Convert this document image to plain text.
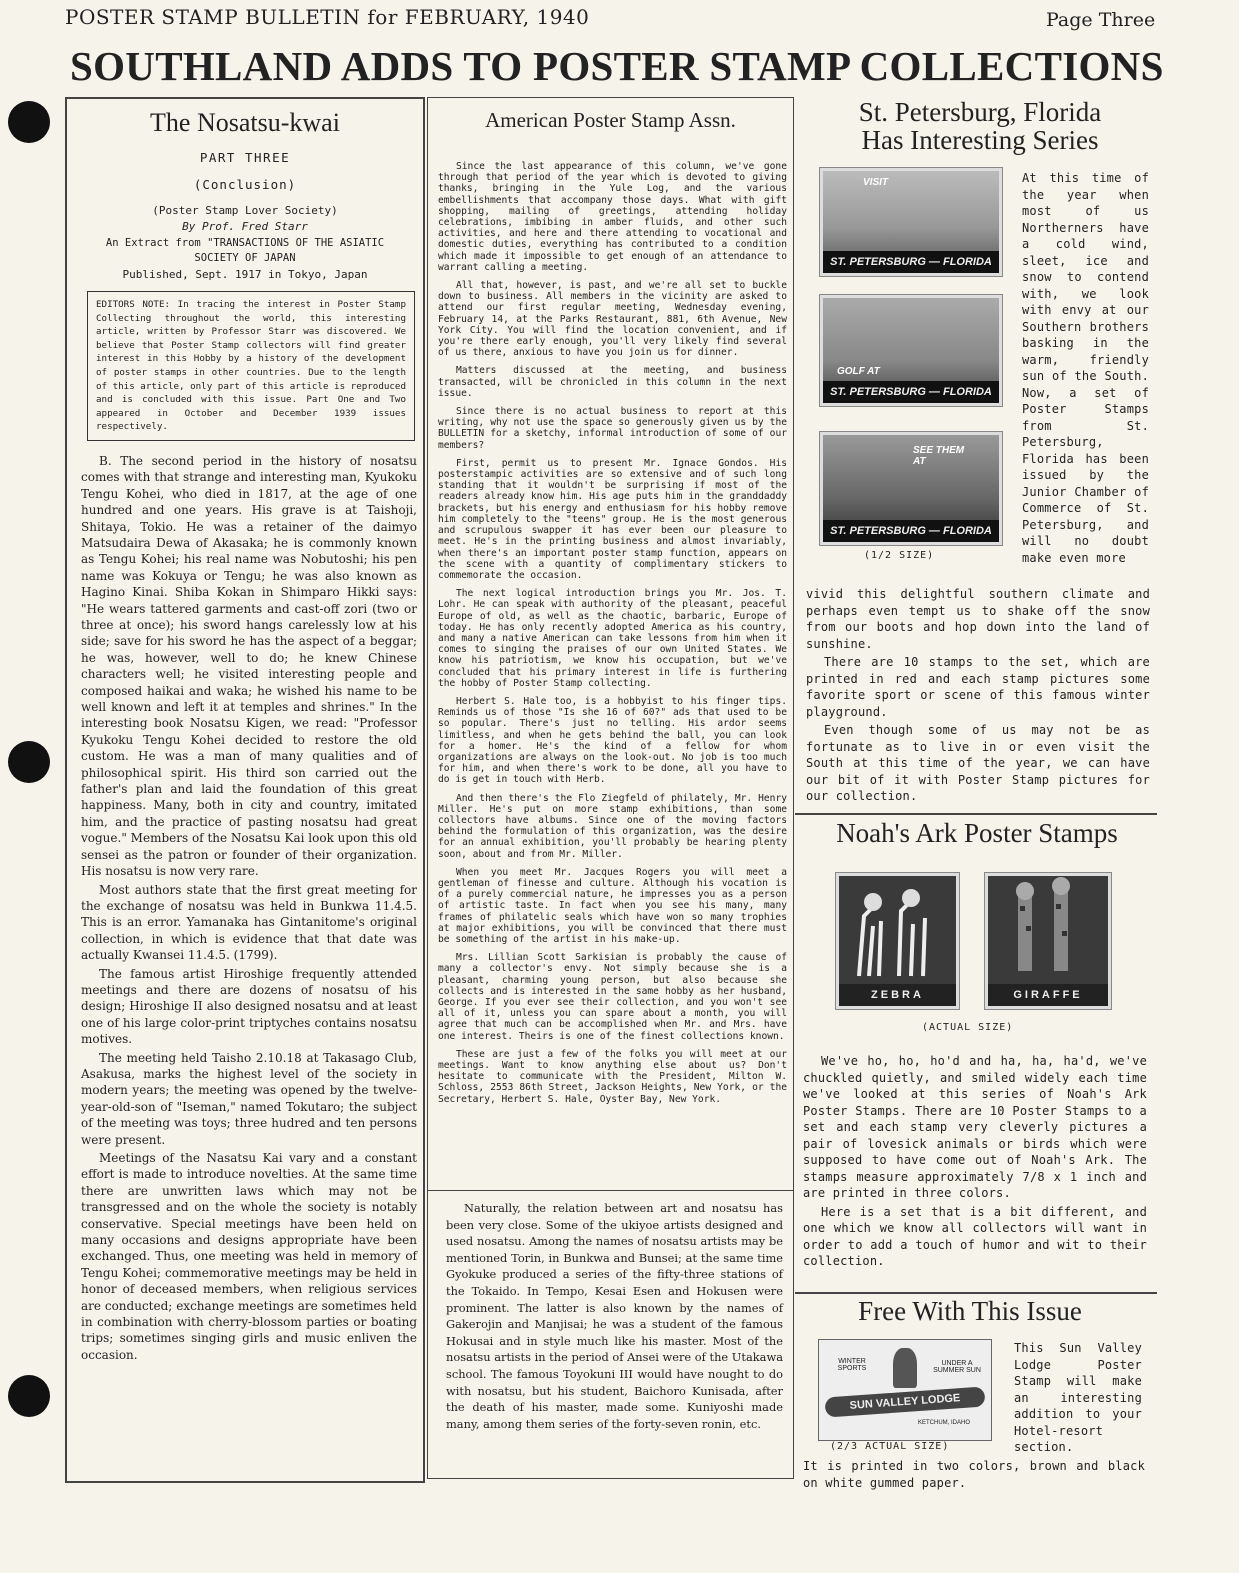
POSTER STAMP BULLETIN for FEBRUARY, 1940	Page Three
SOUTHLAND ADDS TO POSTER STAMP COLLECTIONS
The Nosatsu-kwai
PART THREE
(Conclusion)
(Poster Stamp Lover Society)
By Prof. Fred Starr
An Extract from "TRANSACTIONS OF THE ASIATIC SOCIETY OF JAPAN
Published, Sept. 1917 in Tokyo, Japan
EDITORS NOTE: In tracing the interest in Poster Stamp Collecting throughout the world, this interesting article, written by Professor Starr was discovered. We believe that Poster Stamp collectors will find greater interest in this Hobby by a history of the development of poster stamps in other countries. Due to the length of this article, only part of this article is reproduced and is concluded with this issue. Part One and Two appeared in October and December 1939 issues respectively.

B. The second period in the history of nosatsu comes with that strange and interesting man, Kyukoku Tengu Kohei, who died in 1817, at the age of one hundred and one years. His grave is at Taishoji, Shitaya, Tokio. He was a retainer of the daimyo Matsudaira Dewa of Akasaka; he is commonly known as Tengu Kohei; his real name was Nobutoshi; his pen name was Kokuya or Tengu; he was also known as Hagino Kinai. Shiba Kokan in Shimparo Hikki says: "He wears tattered garments and cast-off zori (two or three at once); his sword hangs carelessly low at his side; save for his sword he has the aspect of a beggar; he was, however, well to do; he knew Chinese characters well; he visited interesting people and composed haikai and waka; he wished his name to be well known and left it at temples and shrines." In the interesting book Nosatsu Kigen, we read: "Professor Kyukoku Tengu Kohei decided to restore the old custom. He was a man of many qualities and of philosophical spirit. His third son carried out the father's plan and laid the foundation of this great happiness. Many, both in city and country, imitated him, and the practice of pasting nosatsu had great vogue." Members of the Nosatsu Kai look upon this old sensei as the patron or founder of their organization. His nosatsu is now very rare.

Most authors state that the first great meeting for the exchange of nosatsu was held in Bunkwa 11.4.5. This is an error. Yamanaka has Gintanitome's original collection, in which is evidence that that date was actually Kwansei 11.4.5. (1799).

The famous artist Hiroshige frequently attended meetings and there are dozens of nosatsu of his design; Hiroshige II also designed nosatsu and at least one of his large color-print triptyches contains nosatsu motives.

The meeting held Taisho 2.10.18 at Takasago Club, Asakusa, marks the highest level of the society in modern years; the meeting was opened by the twelve-year-old-son of "Iseman," named Tokutaro; the subject of the meeting was toys; three hudred and ten persons were present.

Meetings of the Nasatsu Kai vary and a constant effort is made to introduce novelties. At the same time there are unwritten laws which may not be transgressed and on the whole the society is notably conservative. Special meetings have been held on many occasions and designs appropriate have been exchanged. Thus, one meeting was held in memory of Tengu Kohei; commemorative meetings may be held in honor of deceased members, when religious services are conducted; exchange meetings are sometimes held in combination with cherry-blossom parties or boating trips; sometimes singing girls and music enliven the occasion.

American Poster Stamp Assn.

Since the last appearance of this column, we've gone through that period of the year which is devoted to giving thanks, bringing in the Yule Log, and the various embellishments that accompany those days. What with gift shopping, mailing of greetings, attending holiday celebrations, imbibing in amber fluids, and other such activities, and here and there attending to vocational and domestic duties, everything has contributed to a condition which made it impossible to get enough of an attendance to warrant calling a meeting.

All that, however, is past, and we're all set to buckle down to business. All members in the vicinity are asked to attend our first regular meeting, Wednesday evening, February 14, at the Parks Restaurant, 881, 6th Avenue, New York City. You will find the location convenient, and if you're there early enough, you'll very likely find several of us there, anxious to have you join us for dinner.

Matters discussed at the meeting, and business transacted, will be chronicled in this column in the next issue.

Since there is no actual business to report at this writing, why not use the space so generously given us by the BULLETIN for a sketchy, informal introduction of some of our members?

First, permit us to present Mr. Ignace Gondos. His posterstampic activities are so extensive and of such long standing that it wouldn't be surprising if most of the readers already know him. His age puts him in the granddaddy brackets, but his energy and enthusiasm for his hobby remove him completely to the "teens" group. He is the most generous and scrupulous swapper it has ever been our pleasure to meet. He's in the printing business and almost invariably, when there's an important poster stamp function, appears on the scene with a quantity of complimentary stickers to commemorate the occasion.

The next logical introduction brings you Mr. Jos. T. Lohr. He can speak with authority of the pleasant, peaceful Europe of old, as well as the chaotic, barbaric, Europe of today. He has only recently adopted America as his country, and many a native American can take lessons from him when it comes to singing the praises of our own United States. We know his patriotism, we know his occupation, but we've concluded that his primary interest in life is furthering the hobby of Poster Stamp collecting.

Herbert S. Hale too, is a hobbyist to his finger tips. Reminds us of those "Is she 16 of 60?" ads that used to be so popular. There's just no telling. His ardor seems limitless, and when he gets behind the ball, you can look for a homer. He's the kind of a fellow for whom organizations are always on the look-out. No job is too much for him, and when there's work to be done, all you have to do is get in touch with Herb.

And then there's the Flo Ziegfeld of philately, Mr. Henry Miller. He's put on more stamp exhibitions, than some collectors have albums. Since one of the moving factors behind the formulation of this organization, was the desire for an annual exhibition, you'll probably be hearing plenty soon, about and from Mr. Miller.

When you meet Mr. Jacques Rogers you will meet a gentleman of finesse and culture. Although his vocation is of a purely commercial nature, he impresses you as a person of artistic taste. In fact when you see his many, many frames of philatelic seals which have won so many trophies at major exhibitions, you will be convinced that there must be something of the artist in his make-up.

Mrs. Lillian Scott Sarkisian is probably the cause of many a collector's envy. Not simply because she is a pleasant, charming young person, but also because she collects and is interested in the same hobby as her husband, George. If you ever see their collection, and you won't see all of it, unless you can spare about a month, you will agree that much can be accomplished when Mr. and Mrs. have one interest. Theirs is one of the finest collections known.

These are just a few of the folks you will meet at our meetings. Want to know anything else about us? Don't hesitate to communicate with the President, Milton W. Schloss, 2553 86th Street, Jackson Heights, New York, or the Secretary, Herbert S. Hale, Oyster Bay, New York.

Naturally, the relation between art and nosatsu has been very close. Some of the ukiyoe artists designed and used nosatsu. Among the names of nosatsu artists may be mentioned Torin, in Bunkwa and Bunsei; at the same time Gyokuke produced a series of the fifty-three stations of the Tokaido. In Tempo, Kesai Esen and Hokusen were prominent. The latter is also known by the names of Gakerojin and Manjisai; he was a student of the famous Hokusai and in style much like his master. Most of the nosatsu artists in the period of Ansei were of the Utakawa school. The famous Toyokuni III would have nought to do with nosatsu, but his student, Baichoro Kunisada, after the death of his master, made some. Kuniyoshi made many, among them series of the forty-seven ronin, etc.

St. Petersburg, Florida
Has Interesting Series
VISIT
ST. PETERSBURG — FLORIDA
GOLF AT
ST. PETERSBURG — FLORIDA
SEE THEM AT
ST. PETERSBURG — FLORIDA
(1/2 SIZE)
At this time of the year when most of us Northerners have a cold wind, sleet, ice and snow to contend with, we look with envy at our Southern brothers basking in the warm, friendly sun of the South. Now, a set of Poster Stamps from St. Petersburg, Florida has been issued by the Junior Chamber of Commerce of St. Petersburg, and will no doubt make even more

vivid this delightful southern climate and perhaps even tempt us to shake off the snow from our boots and hop down into the land of sunshine.

There are 10 stamps to the set, which are printed in red and each stamp pictures some favorite sport or scene of this famous winter playground.

Even though some of us may not be as fortunate as to live in or even visit the South at this time of the year, we can have our bit of it with Poster Stamp pictures for our collection.

Noah's Ark Poster Stamps
ZEBRA	GIRAFFE
(ACTUAL SIZE)

We've ho, ho, ho'd and ha, ha, ha'd, we've chuckled quietly, and smiled widely each time we've looked at this series of Noah's Ark Poster Stamps. There are 10 Poster Stamps to a set and each stamp very cleverly pictures a pair of lovesick animals or birds which were supposed to have come out of Noah's Ark. The stamps measure approximately 7/8 x 1 inch and are printed in three colors.

Here is a set that is a bit different, and one which we know all collectors will want in order to add a touch of humor and wit to their collection.

Free With This Issue
WINTER SPORTS
UNDER A SUMMER SUN
SUN VALLEY LODGE
KETCHUM, IDAHO
(2/3 ACTUAL SIZE)
This Sun Valley Lodge Poster Stamp will make an interesting addition to your Hotel-resort section.
It is printed in two colors, brown and black on white gummed paper.
